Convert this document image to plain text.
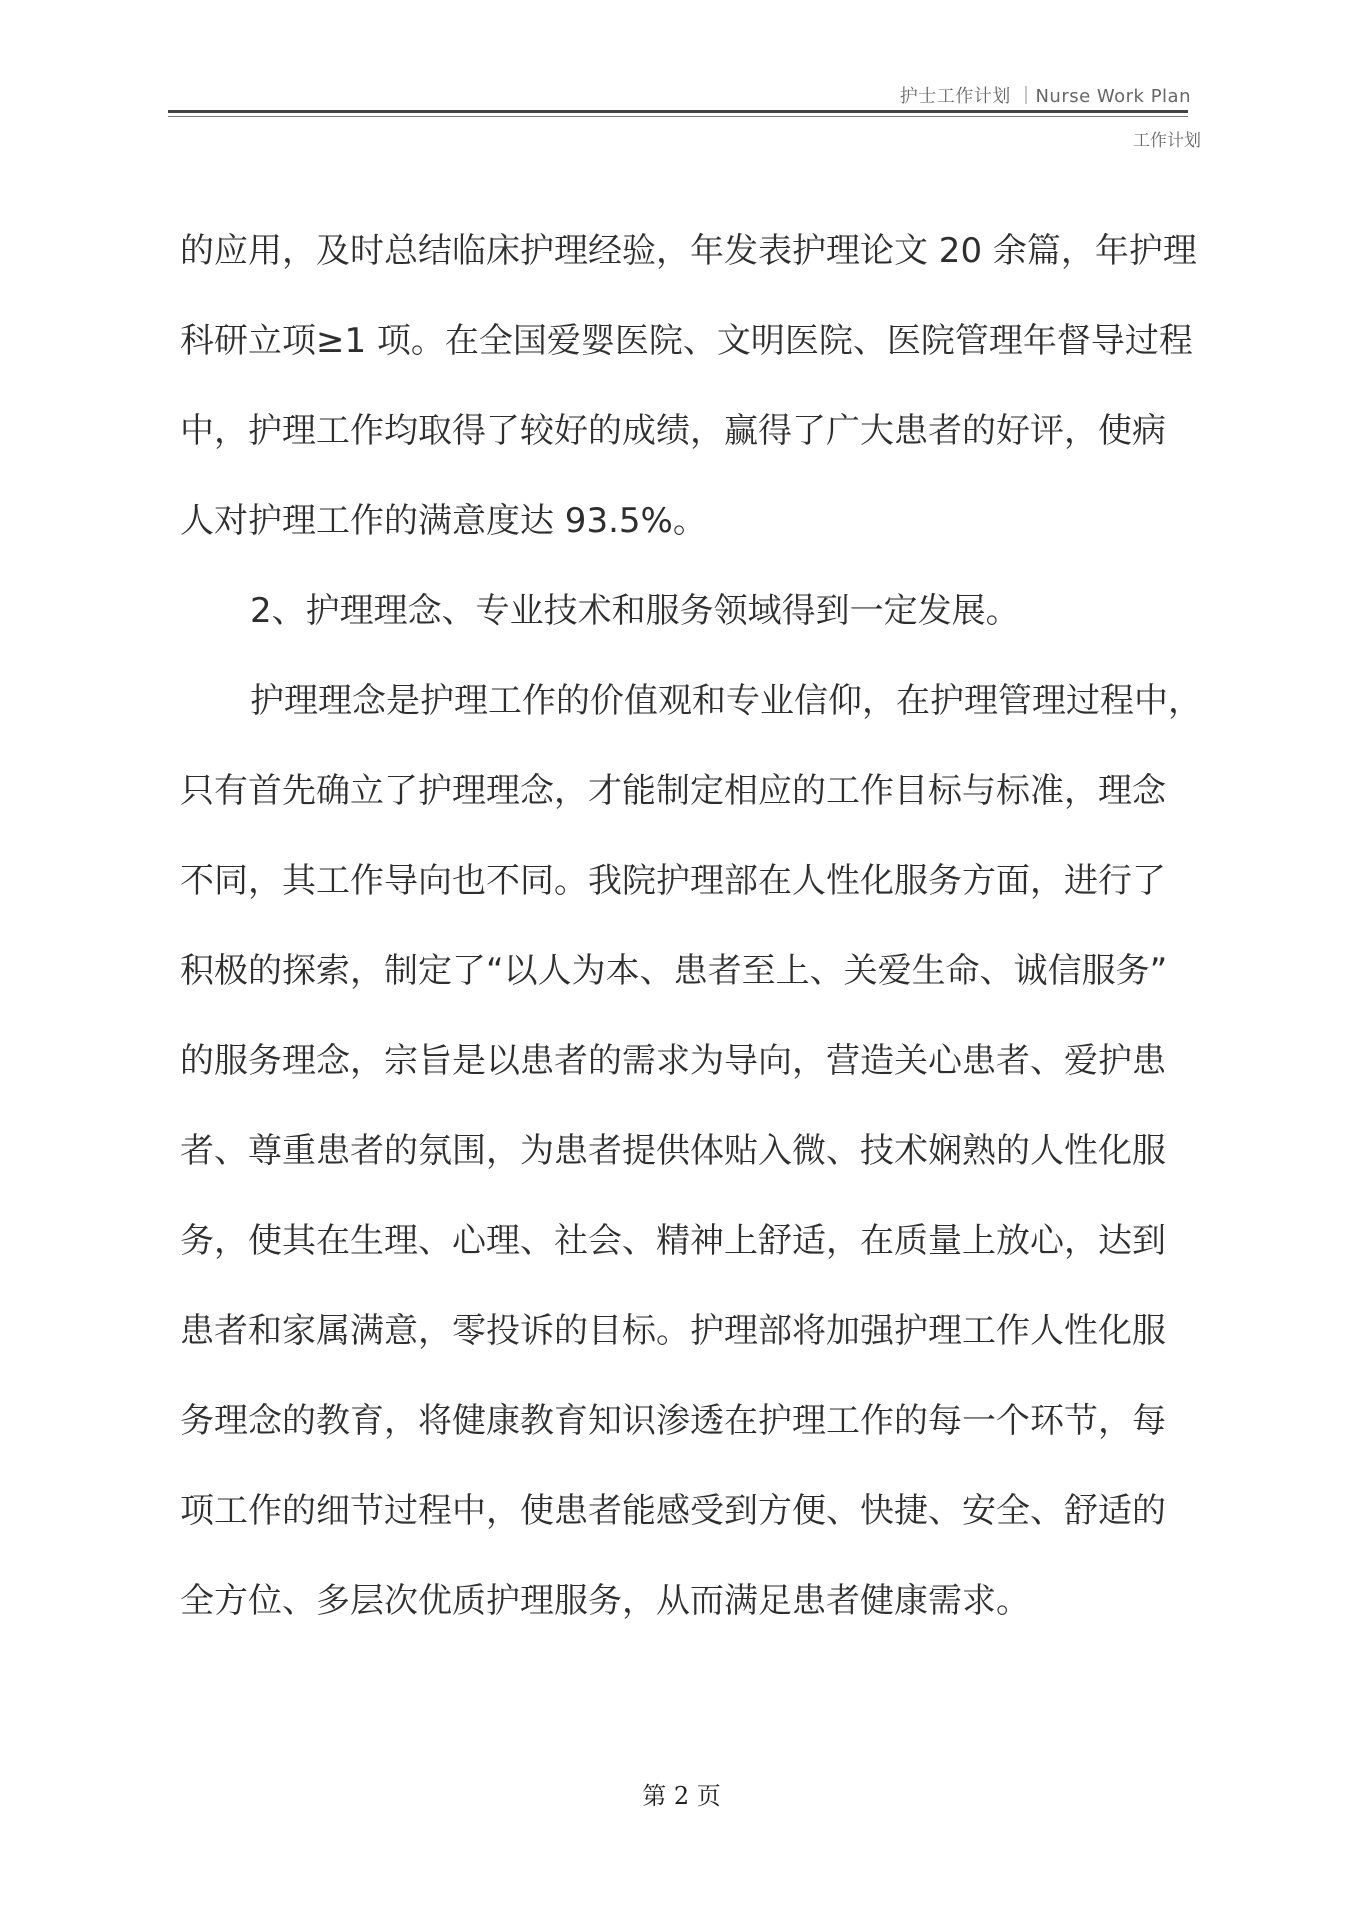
护士工作计划 ｜Nurse Work Plan
工作计划
的应用，及时总结临床护理经验，年发表护理论文 20 余篇，年护理
科研立项≥1 项。在全国爱婴医院、文明医院、医院管理年督导过程
中，护理工作均取得了较好的成绩，赢得了广大患者的好评，使病
人对护理工作的满意度达 93.5%。
2、护理理念、专业技术和服务领域得到一定发展。
护理理念是护理工作的价值观和专业信仰，在护理管理过程中，
只有首先确立了护理理念，才能制定相应的工作目标与标准，理念
不同，其工作导向也不同。我院护理部在人性化服务方面，进行了
积极的探索，制定了“以人为本、患者至上、关爱生命、诚信服务”
的服务理念，宗旨是以患者的需求为导向，营造关心患者、爱护患
者、尊重患者的氛围，为患者提供体贴入微、技术娴熟的人性化服
务，使其在生理、心理、社会、精神上舒适，在质量上放心，达到
患者和家属满意，零投诉的目标。护理部将加强护理工作人性化服
务理念的教育，将健康教育知识渗透在护理工作的每一个环节，每
项工作的细节过程中，使患者能感受到方便、快捷、安全、舒适的
全方位、多层次优质护理服务，从而满足患者健康需求。
第 2 页
